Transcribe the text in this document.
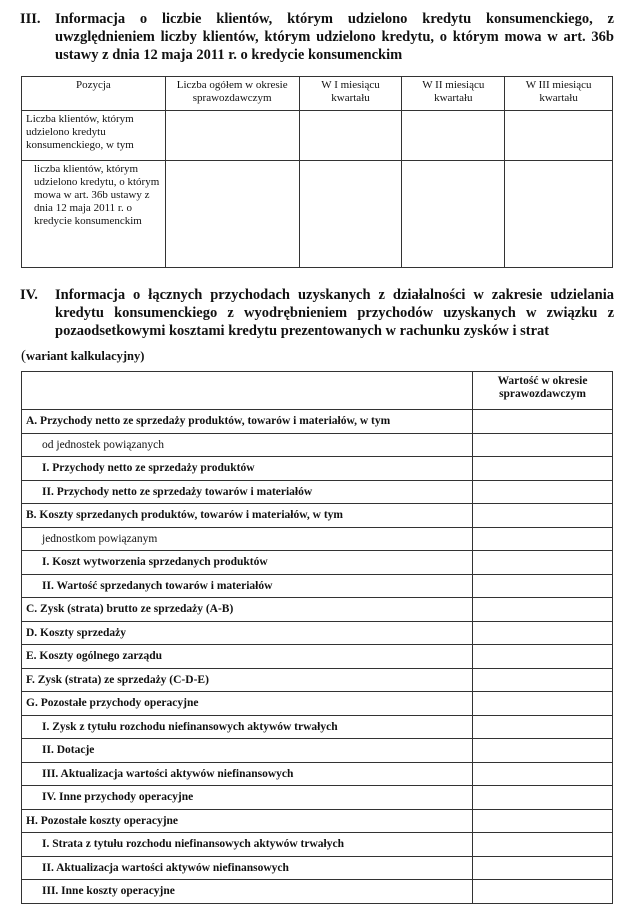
III. Informacja o liczbie klientów, którym udzielono kredytu konsumenckiego, z uwzględnieniem liczby klientów, którym udzielono kredytu, o którym mowa w art. 36b ustawy z dnia 12 maja 2011 r. o kredycie konsumenckim
Pozycja	Liczba ogółem w okresie sprawozdawczym	W I miesiącu kwartału	W II miesiącu kwartału	W III miesiącu kwartału
Liczba klientów, którym udzielono kredytu konsumenckiego, w tym				
liczba klientów, którym udzielono kredytu, o którym mowa w art. 36b ustawy z dnia 12 maja 2011 r. o kredycie konsumenckim				
IV.	Informacja o łącznych przychodach uzyskanych z działalności w zakresie udzielania kredytu konsumenckiego z wyodrębnieniem przychodów uzyskanych w związku z pozaodsetkowymi kosztami kredytu prezentowanych w rachunku zysków i strat
(wariant kalkulacyjny)
	Wartość w okresie sprawozdawczym
A. Przychody netto ze sprzedaży produktów, towarów i materiałów, w tym	
od jednostek powiązanych	
I. Przychody netto ze sprzedaży produktów	
II. Przychody netto ze sprzedaży towarów i materiałów	
B. Koszty sprzedanych produktów, towarów i materiałów, w tym	
jednostkom powiązanym	
I. Koszt wytworzenia sprzedanych produktów	
II. Wartość sprzedanych towarów i materiałów	
C. Zysk (strata) brutto ze sprzedaży (A-B)	
D. Koszty sprzedaży	
E. Koszty ogólnego zarządu	
F. Zysk (strata) ze sprzedaży (C-D-E)	
G. Pozostałe przychody operacyjne	
I. Zysk z tytułu rozchodu niefinansowych aktywów trwałych	
II. Dotacje	
III. Aktualizacja wartości aktywów niefinansowych	
IV. Inne przychody operacyjne	
H. Pozostałe koszty operacyjne	
I. Strata z tytułu rozchodu niefinansowych aktywów trwałych	
II. Aktualizacja wartości aktywów niefinansowych	
III. Inne koszty operacyjne	
